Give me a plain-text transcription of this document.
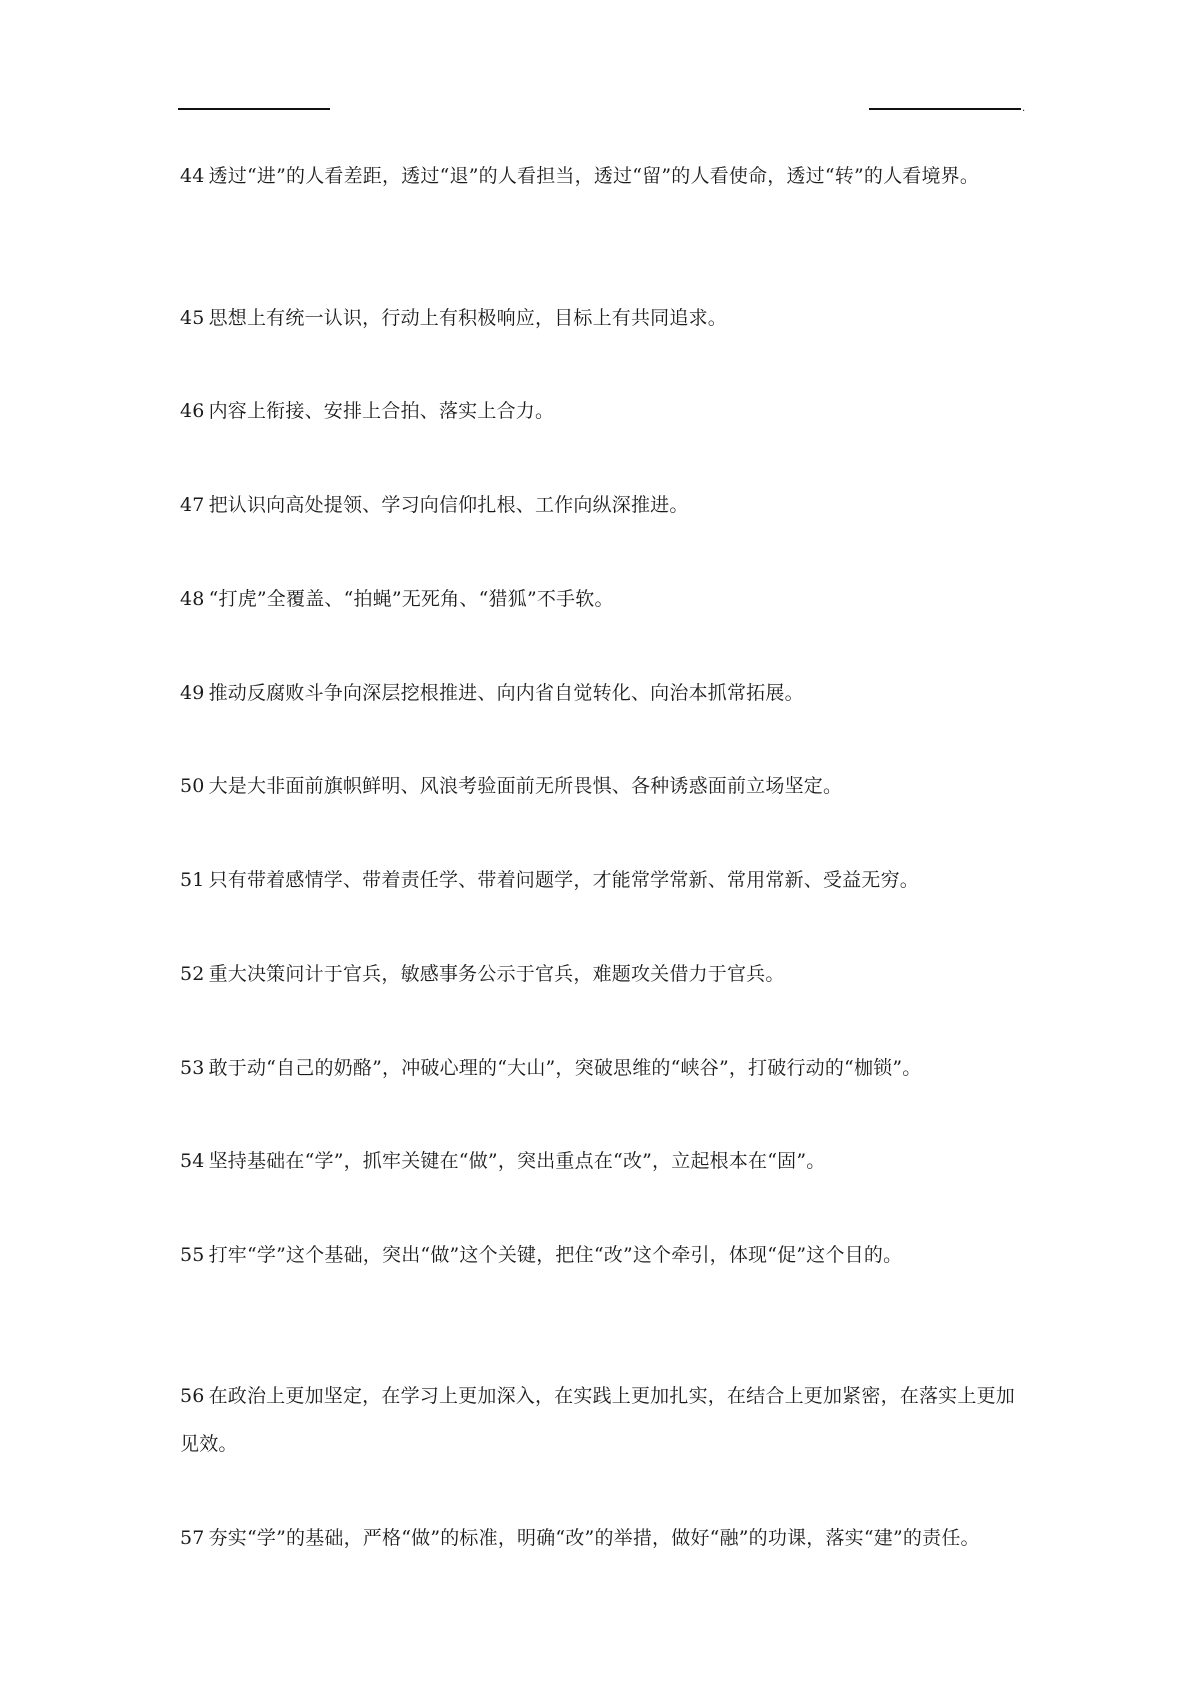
.

44 透过“进”的人看差距，透过“退”的人看担当，透过“留”的人看使命，透过“转”的人看境界。

45 思想上有统一认识，行动上有积极响应，目标上有共同追求。

46 内容上衔接、安排上合拍、落实上合力。

47 把认识向高处提领、学习向信仰扎根、工作向纵深推进。

48 “打虎”全覆盖、“拍蝇”无死角、“猎狐”不手软。

49 推动反腐败斗争向深层挖根推进、向内省自觉转化、向治本抓常拓展。

50 大是大非面前旗帜鲜明、风浪考验面前无所畏惧、各种诱惑面前立场坚定。

51 只有带着感情学、带着责任学、带着问题学，才能常学常新、常用常新、受益无穷。

52 重大决策问计于官兵，敏感事务公示于官兵，难题攻关借力于官兵。

53 敢于动“自己的奶酪”，冲破心理的“大山”，突破思维的“峡谷”，打破行动的“枷锁”。

54 坚持基础在“学”，抓牢关键在“做”，突出重点在“改”，立起根本在“固”。

55 打牢“学”这个基础，突出“做”这个关键，把住“改”这个牵引，体现“促”这个目的。

56 在政治上更加坚定，在学习上更加深入，在实践上更加扎实，在结合上更加紧密，在落实上更加见效。

57 夯实“学”的基础，严格“做”的标准，明确“改”的举措，做好“融”的功课，落实“建”的责任。
